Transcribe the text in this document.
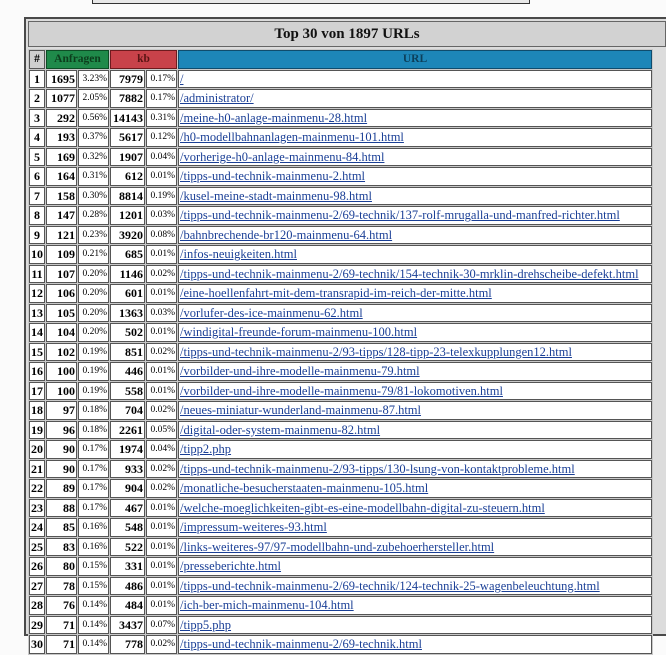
Top 30 von 1897 URLs
#	Anfragen		kb		URL
1	1695	3.23%	7979	0.17%	/
2	1077	2.05%	7882	0.17%	/administrator/
3	292	0.56%	14143	0.31%	/meine-h0-anlage-mainmenu-28.html
4	193	0.37%	5617	0.12%	/h0-modellbahnanlagen-mainmenu-101.html
5	169	0.32%	1907	0.04%	/vorherige-h0-anlage-mainmenu-84.html
6	164	0.31%	612	0.01%	/tipps-und-technik-mainmenu-2.html
7	158	0.30%	8814	0.19%	/kusel-meine-stadt-mainmenu-98.html
8	147	0.28%	1201	0.03%	/tipps-und-technik-mainmenu-2/69-technik/137-rolf-mrugalla-und-manfred-richter.html
9	121	0.23%	3920	0.08%	/bahnbrechende-br120-mainmenu-64.html
10	109	0.21%	685	0.01%	/infos-neuigkeiten.html
11	107	0.20%	1146	0.02%	/tipps-und-technik-mainmenu-2/69-technik/154-technik-30-mrklin-drehscheibe-defekt.html
12	106	0.20%	601	0.01%	/eine-hoellenfahrt-mit-dem-transrapid-im-reich-der-mitte.html
13	105	0.20%	1363	0.03%	/vorlufer-des-ice-mainmenu-62.html
14	104	0.20%	502	0.01%	/windigital-freunde-forum-mainmenu-100.html
15	102	0.19%	851	0.02%	/tipps-und-technik-mainmenu-2/93-tipps/128-tipp-23-telexkupplungen12.html
16	100	0.19%	446	0.01%	/vorbilder-und-ihre-modelle-mainmenu-79.html
17	100	0.19%	558	0.01%	/vorbilder-und-ihre-modelle-mainmenu-79/81-lokomotiven.html
18	97	0.18%	704	0.02%	/neues-miniatur-wunderland-mainmenu-87.html
19	96	0.18%	2261	0.05%	/digital-oder-system-mainmenu-82.html
20	90	0.17%	1974	0.04%	/tipp2.php
21	90	0.17%	933	0.02%	/tipps-und-technik-mainmenu-2/93-tipps/130-lsung-von-kontaktprobleme.html
22	89	0.17%	904	0.02%	/monatliche-besucherstaaten-mainmenu-105.html
23	88	0.17%	467	0.01%	/welche-moeglichkeiten-gibt-es-eine-modellbahn-digital-zu-steuern.html
24	85	0.16%	548	0.01%	/impressum-weiteres-93.html
25	83	0.16%	522	0.01%	/links-weiteres-97/97-modellbahn-und-zubehoerhersteller.html
26	80	0.15%	331	0.01%	/presseberichte.html
27	78	0.15%	486	0.01%	/tipps-und-technik-mainmenu-2/69-technik/124-technik-25-wagenbeleuchtung.html
28	76	0.14%	484	0.01%	/ich-ber-mich-mainmenu-104.html
29	71	0.14%	3437	0.07%	/tipp5.php
30	71	0.14%	778	0.02%	/tipps-und-technik-mainmenu-2/69-technik.html
